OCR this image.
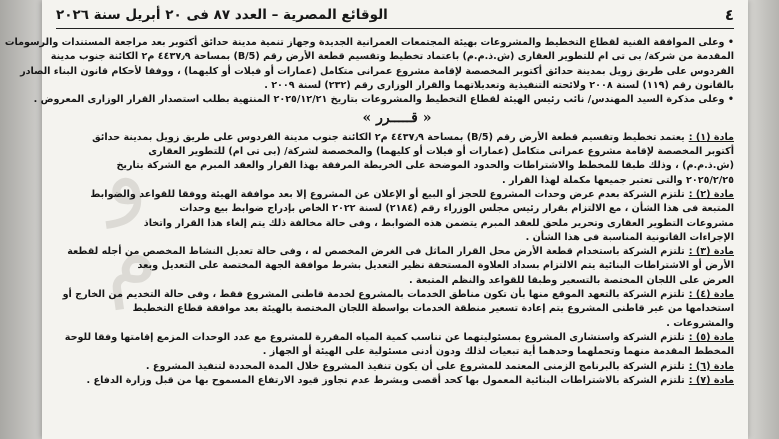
و
م
٤
الوقائع المصرية – العدد ٨٧ فى ٢٠ أبريل سنة ٢٠٢٦
• وعلى الموافقة الفنية لقطاع التخطيط والمشروعات بهيئة المجتمعات العمرانية الجديدة وجهاز تنمية مدينة حدائق أكتوبر بعد مراجعة المستندات والرسومات
المقدمة من شركة/ بى تى ام للتطوير العقارى (ش.ذ.م.م) باعتماد تخطيط وتقسيم قطعة الأرض رقم (B/5) بمساحة ٤٤٣٧٫٩ م٢ الكائنة جنوب مدينة
الفردوس على طريق زويل بمدينة حدائق أكتوبر المخصصة لإقامة مشروع عمرانى متكامل (عمارات أو فيلات أو كليهما) ، ووفقا لأحكام قانون البناء الصادر
بالقانون رقم (١١٩) لسنة ٢٠٠٨ ولائحته التنفيذية وتعديلاتهما والقرار الوزارى رقم (٢٣٢) لسنة ٢٠٠٩ .
• وعلى مذكرة السيد المهندس/ نائب رئيس الهيئة لقطاع التخطيط والمشروعات بتاريخ ٢٠٢٥/١٢/٢١ المنتهية بطلب استصدار القرار الوزارى المعروض .
« قـــــرر »
مادة (١) :يعتمد تخطيط وتقسيم قطعة الأرض رقم (B/5) بمساحة ٤٤٣٧٫٩ م٢ الكائنة جنوب مدينة الفردوس على طريق زويل بمدينة حدائق
أكتوبر المخصصة لإقامة مشروع عمرانى متكامل (عمارات أو فيلات أو كليهما) والمخصصة لشركة/ (بى تى ام) للتطوير العقارى
(ش.ذ.م.م) ، وذلك طبقا للمخطط والاشتراطات والحدود الموضحة على الخريطة المرفقة بهذا القرار والعقد المبرم مع الشركة بتاريخ
٢٠٢٥/٢/٢٥ والتى تعتبر جميعها مكملة لهذا القرار .
مادة (٢) :تلتزم الشركة بعدم عرض وحدات المشروع للحجز أو البيع أو الإعلان عن المشروع إلا بعد موافقة الهيئة ووفقا للقواعد والضوابط
المتبعة فى هذا الشأن ، مع الالتزام بقرار رئيس مجلس الوزراء رقم (٢١٨٤) لسنة ٢٠٢٢ الخاص بإدراج ضوابط بيع وحدات
مشروعات التطوير العقارى وتحرير ملحق للعقد المبرم يتضمن هذه الضوابط ، وفى حالة مخالفة ذلك يتم إلغاء هذا القرار واتخاذ
الإجراءات القانونية المناسبة فى هذا الشأن .
مادة (٣) :تلتزم الشركة باستخدام قطعة الأرض محل القرار الماثل فى الغرض المخصص له ، وفى حالة تعديل النشاط المخصص من أجله لقطعة
الأرض أو الاشتراطات البنائية يتم الالتزام بسداد العلاوة المستحقة نظير التعديل بشرط موافقة الجهة المختصة على التعديل وبعد
العرض على اللجان المختصة بالتسعير وطبقا للقواعد والنظم المتبعة .
مادة (٤) :تلتزم الشركة بالتعهد الموقع منها بأن تكون مناطق الخدمات بالمشروع لخدمة قاطنى المشروع فقط ، وفى حالة التخديم من الخارج أو
استخدامها من غير قاطنى المشروع يتم إعادة تسعير منطقة الخدمات بواسطة اللجان المختصة بالهيئة بعد موافقة قطاع التخطيط
والمشروعات .
مادة (٥) :تلتزم الشركة واستشارى المشروع بمسئوليتهما عن تناسب كمية المياه المقررة للمشروع مع عدد الوحدات المزمع إقامتها وفقا للوحة
المخطط المقدمة منهما وتحملهما وحدهما أية تبعيات لذلك ودون أدنى مسئولية على الهيئة أو الجهاز .
مادة (٦) :تلتزم الشركة بالبرنامج الزمنى المعتمد للمشروع على أن يكون تنفيذ المشروع خلال المدة المحددة لتنفيذ المشروع .
مادة (٧) :تلتزم الشركة بالاشتراطات البنائية المعمول بها كحد أقصى وبشرط عدم تجاوز قيود الارتفاع المسموح بها من قبل وزارة الدفاع .
